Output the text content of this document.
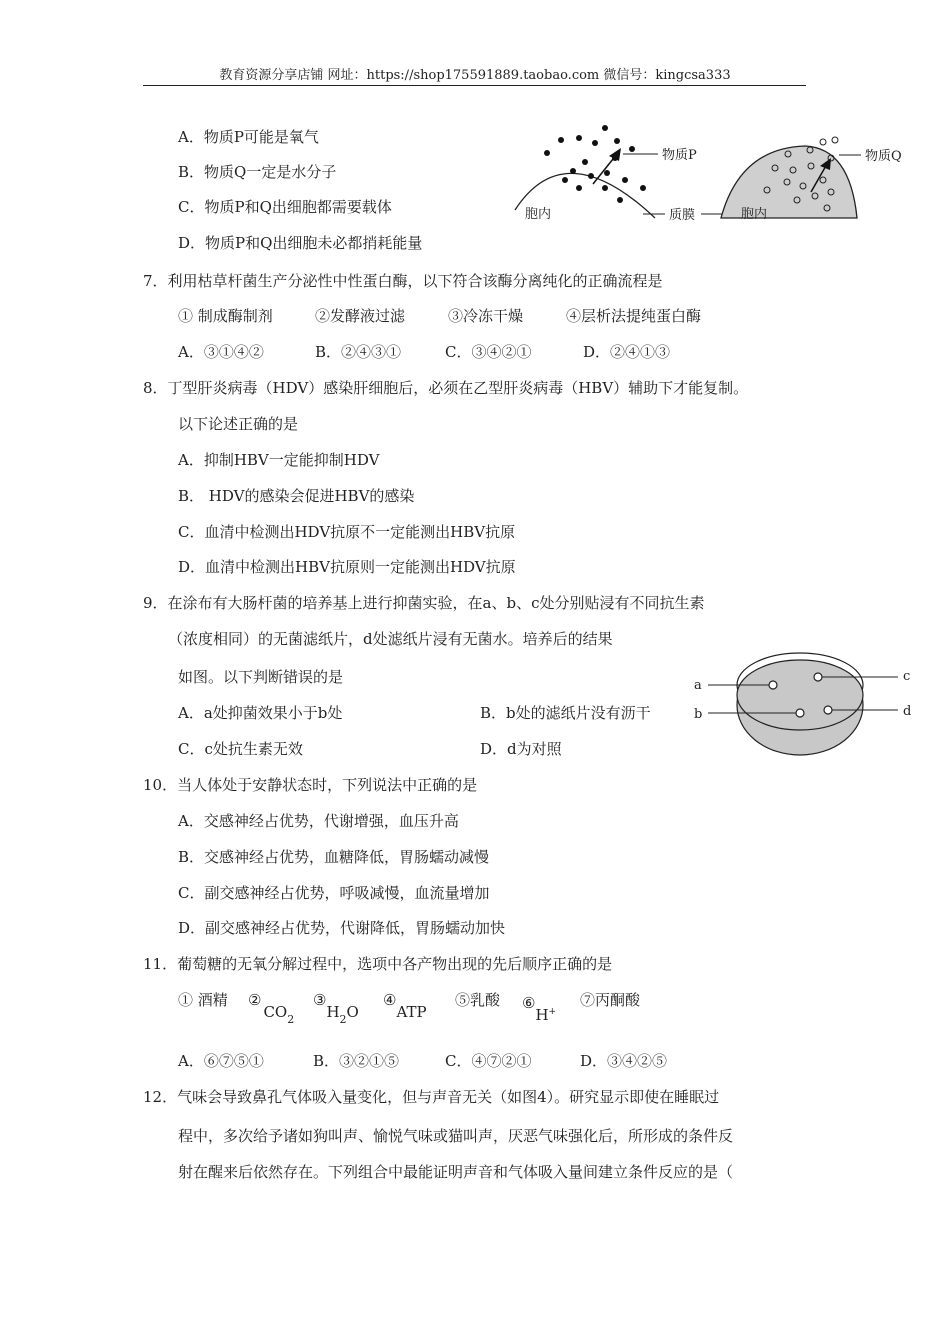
教育资源分享店铺 网址：https://shop175591889.taobao.com 微信号：kingcsa333
A．物质P可能是氧气
B．物质Q一定是水分子
C．物质P和Q出细胞都需要载体
D．物质P和Q出细胞未必都捎耗能量
物质P
胞内	质膜
物质Q
胞内
7．利用枯草杆菌生产分泌性中性蛋白酶，以下符合该酶分离纯化的正确流程是
① 制成酶制剂	②发酵液过滤	③冷冻干燥	④层析法提纯蛋白酶
A．③①④②	B．②④③①	C．③④②①	D．②④①③
8．丁型肝炎病毒（HDV）感染肝细胞后，必须在乙型肝炎病毒（HBV）辅助下才能复制。
以下论述正确的是
A．抑制HBV一定能抑制HDV
B． HDV的感染会促进HBV的感染
C．血清中检测出HDV抗原不一定能测出HBV抗原
D．血清中检测出HBV抗原则一定能测出HDV抗原
9．在涂布有大肠杆菌的培养基上进行抑菌实验，在a、b、c处分别贴浸有不同抗生素
（浓度相同）的无菌滤纸片，d处滤纸片浸有无菌水。培养后的结果
如图。以下判断错误的是
A．a处抑菌效果小于b处	B．b处的滤纸片没有沥干
C．c处抗生素无效	D．d为对照
a
b
c
d
10．当人体处于安静状态时，下列说法中正确的是
A．交感神经占优势，代谢增强，血压升高
B．交感神经占优势，血糖降低，胃肠蠕动减慢
C．副交感神经占优势，呼吸减慢，血流量增加
D．副交感神经占优势，代谢降低，胃肠蠕动加快
11．葡萄糖的无氧分解过程中，选项中各产物出现的先后顺序正确的是
① 酒精 $②CO_2$
$③H_2O$
④ATP
⑤乳酸 ⑥H+
⑦丙酮酸
A．⑥⑦⑤①	B．③②①⑤	C．④⑦②①	D．③④②⑤
12．气味会导致鼻孔气体吸入量变化，但与声音无关（如图4）。研究显示即使在睡眠过
程中，多次给予诸如狗叫声、愉悦气味或猫叫声，厌恶气味强化后，所形成的条件反
射在醒来后依然存在。下列组合中最能证明声音和气体吸入量间建立条件反应的是（
